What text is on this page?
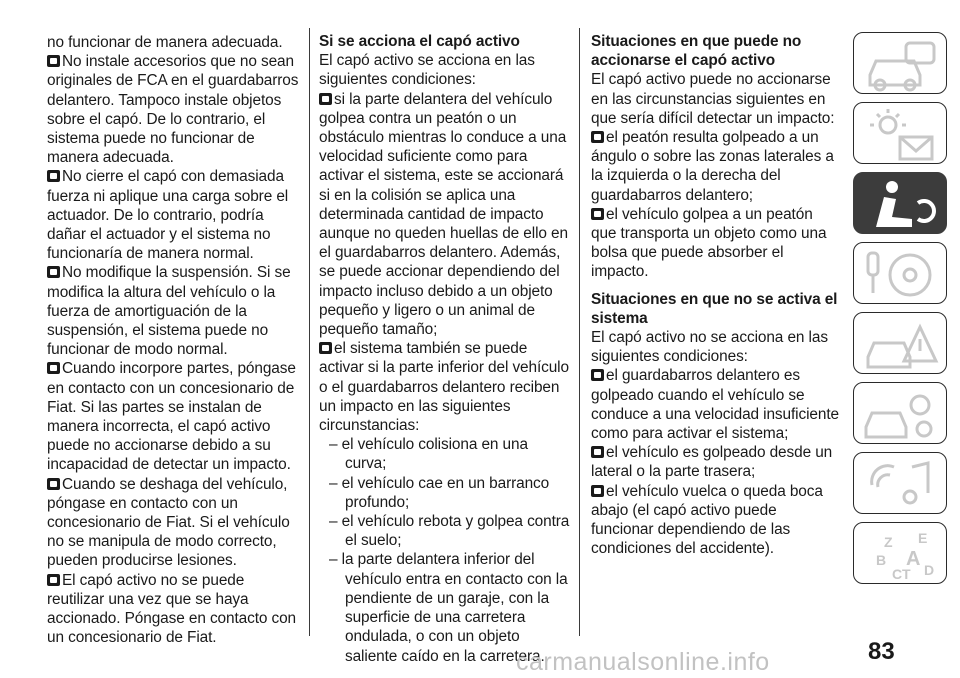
no funcionar de manera adecuada.
No instale accesorios que no sean originales de FCA en el guardabarros delantero. Tampoco instale objetos sobre el capó. De lo contrario, el sistema puede no funcionar de manera adecuada.
No cierre el capó con demasiada fuerza ni aplique una carga sobre el actuador. De lo contrario, podría dañar el actuador y el sistema no funcionaría de manera normal.
No modifique la suspensión. Si se modifica la altura del vehículo o la fuerza de amortiguación de la suspensión, el sistema puede no funcionar de modo normal.
Cuando incorpore partes, póngase en contacto con un concesionario de Fiat. Si las partes se instalan de manera incorrecta, el capó activo puede no accionarse debido a su incapacidad de detectar un impacto.
Cuando se deshaga del vehículo, póngase en contacto con un concesionario de Fiat. Si el vehículo no se manipula de modo correcto, pueden producirse lesiones.
El capó activo no se puede reutilizar una vez que se haya accionado. Póngase en contacto con un concesionario de Fiat.
Si se acciona el capó activo
El capó activo se acciona en las siguientes condiciones:
si la parte delantera del vehículo golpea contra un peatón o un obstáculo mientras lo conduce a una velocidad suficiente como para activar el sistema, este se accionará si en la colisión se aplica una determinada cantidad de impacto aunque no queden huellas de ello en el guardabarros delantero. Además, se puede accionar dependiendo del impacto incluso debido a un objeto pequeño y ligero o un animal de pequeño tamaño;
el sistema también se puede activar si la parte inferior del vehículo o el guardabarros delantero reciben un impacto en las siguientes circunstancias:
– el vehículo colisiona en una curva;
– el vehículo cae en un barranco profundo;
– el vehículo rebota y golpea contra el suelo;
– la parte delantera inferior del vehículo entra en contacto con la pendiente de un garaje, con la superficie de una carretera ondulada, o con un objeto saliente caído en la carretera.
Situaciones en que puede no accionarse el capó activo
El capó activo puede no accionarse en las circunstancias siguientes en que sería difícil detectar un impacto:
el peatón resulta golpeado a un ángulo o sobre las zonas laterales a la izquierda o la derecha del guardabarros delantero;
el vehículo golpea a un peatón que transporta un objeto como una bolsa que puede absorber el impacto.
Situaciones en que no se activa el sistema
El capó activo no se acciona en las siguientes condiciones:
el guardabarros delantero es golpeado cuando el vehículo se conduce a una velocidad insuficiente como para activar el sistema;
el vehículo es golpeado desde un lateral o la parte trasera;
el vehículo vuelca o queda boca abajo (el capó activo puede funcionar dependiendo de las condiciones del accidente).	Z E
A
B
C T D
83
carmanualsonline.info
